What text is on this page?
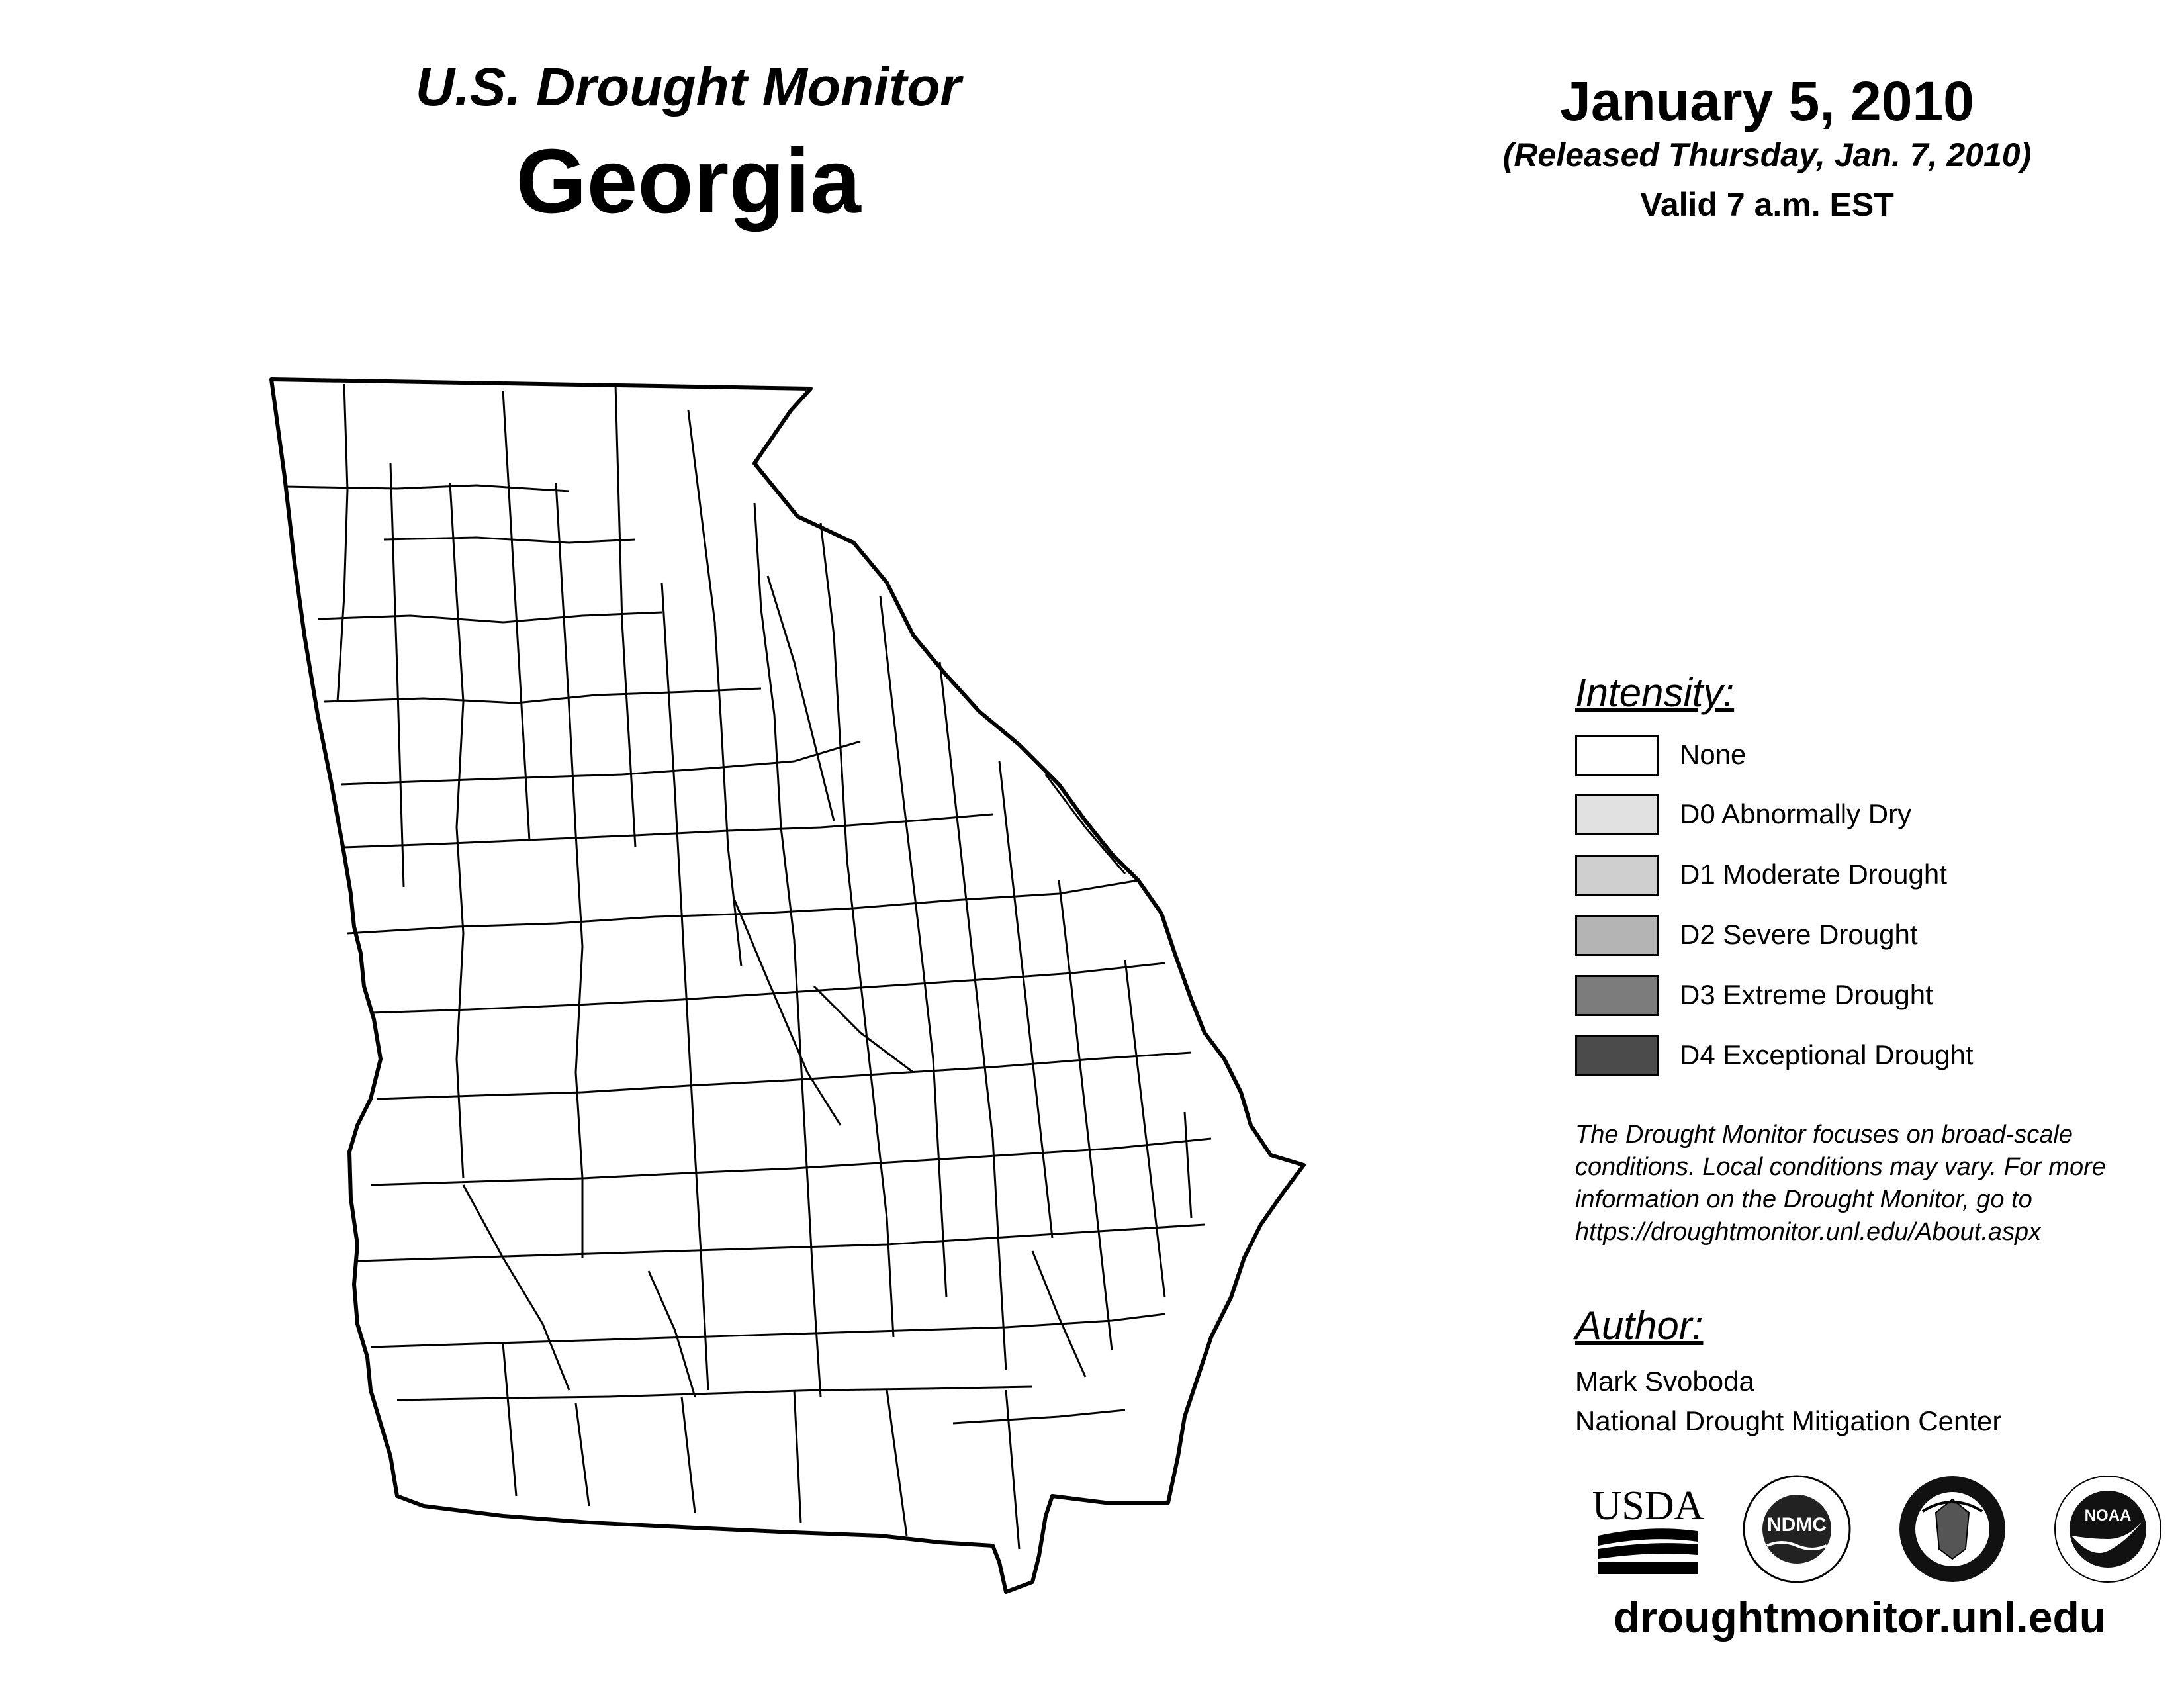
U.S. Drought Monitor
Georgia
January 5, 2010
(Released Thursday, Jan. 7, 2010)
Valid 7 a.m. EST
Intensity:
None
D0 Abnormally Dry
D1 Moderate Drought
D2 Severe Drought
D3 Extreme Drought
D4 Exceptional Drought
The Drought Monitor focuses on broad-scale
conditions. Local conditions may vary. For more
information on the Drought Monitor, go to
https://droughtmonitor.unl.edu/About.aspx
Author:
Mark Svoboda
National Drought Mitigation Center
USDA	NDMC	NOAA
droughtmonitor.unl.edu
